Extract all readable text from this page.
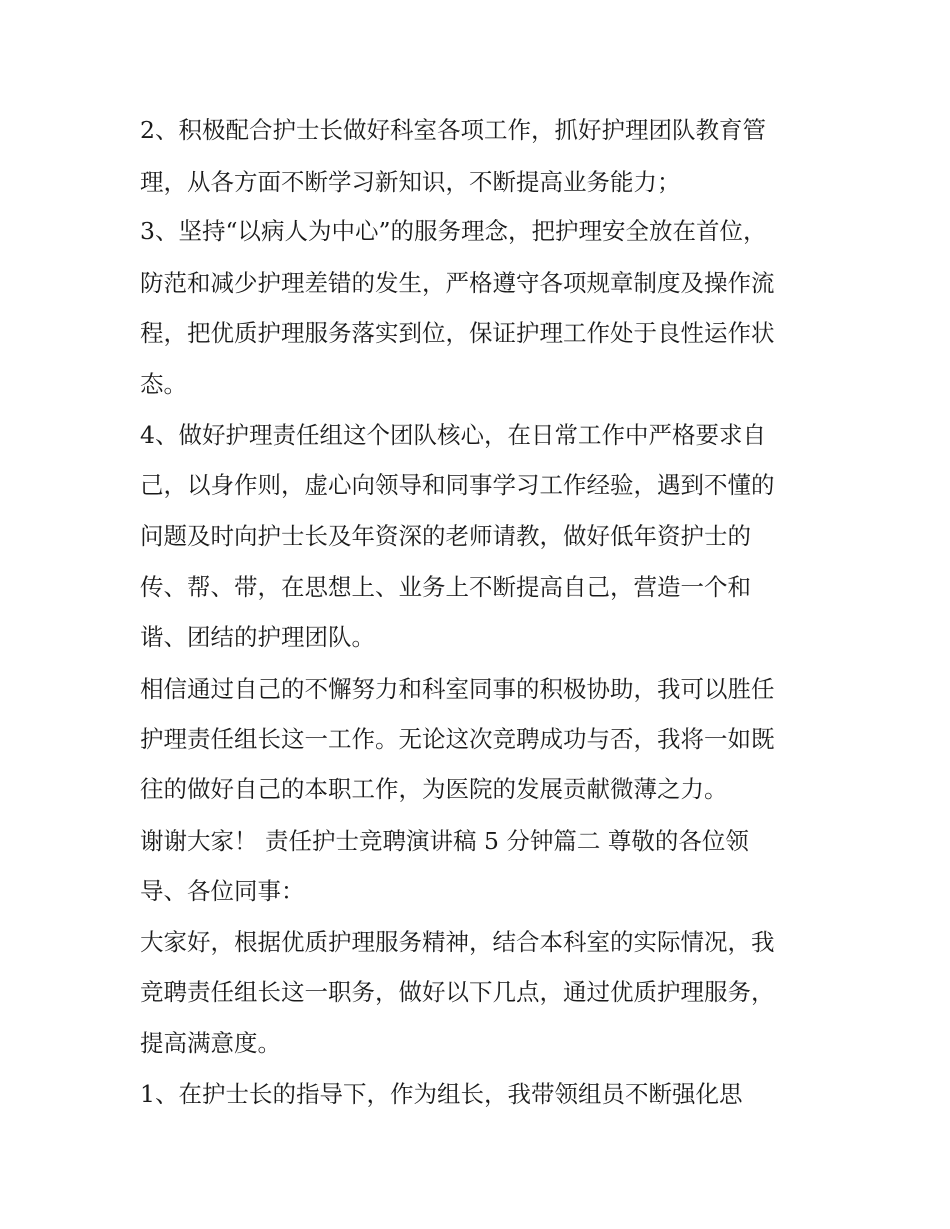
2、积极配合护士长做好科室各项工作，抓好护理团队教育管
理，从各方面不断学习新知识，不断提高业务能力；
3、坚持“以病人为中心”的服务理念，把护理安全放在首位，
防范和减少护理差错的发生，严格遵守各项规章制度及操作流
程，把优质护理服务落实到位，保证护理工作处于良性运作状
态。
4、做好护理责任组这个团队核心，在日常工作中严格要求自
己，以身作则，虚心向领导和同事学习工作经验，遇到不懂的
问题及时向护士长及年资深的老师请教，做好低年资护士的
传、帮、带，在思想上、业务上不断提高自己，营造一个和
谐、团结的护理团队。
相信通过自己的不懈努力和科室同事的积极协助，我可以胜任
护理责任组长这一工作。无论这次竞聘成功与否，我将一如既
往的做好自己的本职工作，为医院的发展贡献微薄之力。
谢谢大家！ 责任护士竞聘演讲稿 5 分钟篇二 尊敬的各位领
导、各位同事：
大家好，根据优质护理服务精神，结合本科室的实际情况，我
竞聘责任组长这一职务，做好以下几点，通过优质护理服务，
提高满意度。
1、在护士长的指导下，作为组长，我带领组员不断强化思
